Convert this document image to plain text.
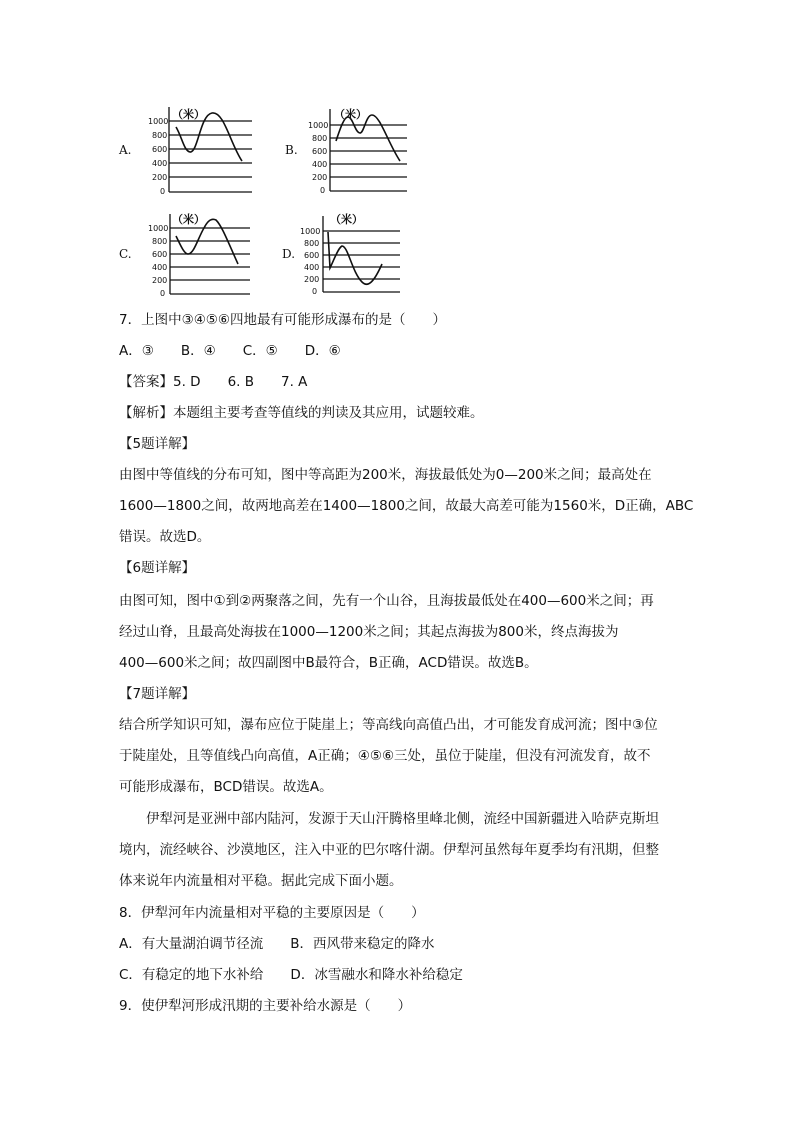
A.
（米）
1000
800
600
400
200
0
B.
（米）
1000
800
600
400
200
0
C.
（米）
1000
800
600
400
200
0
D.
（米）
1000
800
600
400
200
0
7．上图中③④⑤⑥四地最有可能形成瀑布的是（　　）
A．③　　B．④　　C．⑤　　D．⑥
【答案】5. D　　6. B　　7. A
【解析】本题组主要考查等值线的判读及其应用，试题较难。
【5题详解】
由图中等值线的分布可知，图中等高距为200米，海拔最低处为0—200米之间；最高处在
1600—1800之间，故两地高差在1400—1800之间，故最大高差可能为1560米，D正确，ABC
错误。故选D。
【6题详解】
由图可知，图中①到②两聚落之间，先有一个山谷，且海拔最低处在400—600米之间；再
经过山脊，且最高处海拔在1000—1200米之间；其起点海拔为800米，终点海拔为
400—600米之间；故四副图中B最符合，B正确，ACD错误。故选B。
【7题详解】
结合所学知识可知，瀑布应位于陡崖上；等高线向高值凸出，才可能发育成河流；图中③位
于陡崖处，且等值线凸向高值，A正确；④⑤⑥三处，虽位于陡崖，但没有河流发育，故不
可能形成瀑布，BCD错误。故选A。
伊犁河是亚洲中部内陆河，发源于天山汗腾格里峰北侧，流经中国新疆进入哈萨克斯坦
境内，流经峡谷、沙漠地区，注入中亚的巴尔喀什湖。伊犁河虽然每年夏季均有汛期，但整
体来说年内流量相对平稳。据此完成下面小题。
8．伊犁河年内流量相对平稳的主要原因是（　　）
A．有大量湖泊调节径流　　B．西风带来稳定的降水
C．有稳定的地下水补给　　D．冰雪融水和降水补给稳定
9．使伊犁河形成汛期的主要补给水源是（　　）
